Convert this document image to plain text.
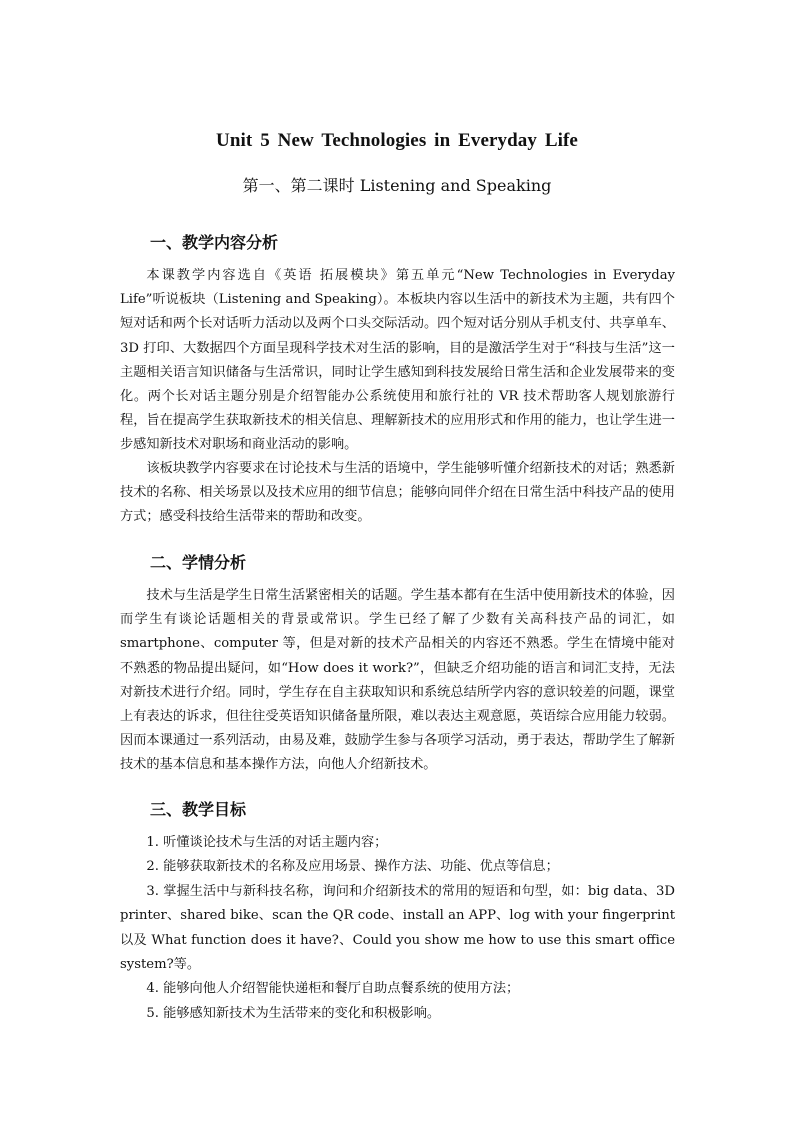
Unit 5 New Technologies in Everyday Life
第一、第二课时 Listening and Speaking
一、教学内容分析

本课教学内容选自《英语 拓展模块》第五单元“New Technologies in Everyday Life”听说板块（Listening and Speaking）。本板块内容以生活中的新技术为主题，共有四个短对话和两个长对话听力活动以及两个口头交际活动。四个短对话分别从手机支付、共享单车、3D 打印、大数据四个方面呈现科学技术对生活的影响，目的是激活学生对于“科技与生活”这一主题相关语言知识储备与生活常识，同时让学生感知到科技发展给日常生活和企业发展带来的变化。两个长对话主题分别是介绍智能办公系统使用和旅行社的 VR 技术帮助客人规划旅游行程，旨在提高学生获取新技术的相关信息、理解新技术的应用形式和作用的能力，也让学生进一步感知新技术对职场和商业活动的影响。

该板块教学内容要求在讨论技术与生活的语境中，学生能够听懂介绍新技术的对话；熟悉新技术的名称、相关场景以及技术应用的细节信息；能够向同伴介绍在日常生活中科技产品的使用方式；感受科技给生活带来的帮助和改变。

二、学情分析

技术与生活是学生日常生活紧密相关的话题。学生基本都有在生活中使用新技术的体验，因而学生有谈论话题相关的背景或常识。学生已经了解了少数有关高科技产品的词汇，如smartphone、computer 等，但是对新的技术产品相关的内容还不熟悉。学生在情境中能对不熟悉的物品提出疑问，如“How does it work?”，但缺乏介绍功能的语言和词汇支持，无法对新技术进行介绍。同时，学生存在自主获取知识和系统总结所学内容的意识较差的问题，课堂上有表达的诉求，但往往受英语知识储备量所限，难以表达主观意愿，英语综合应用能力较弱。因而本课通过一系列活动，由易及难，鼓励学生参与各项学习活动，勇于表达，帮助学生了解新技术的基本信息和基本操作方法，向他人介绍新技术。

三、教学目标
1. 听懂谈论技术与生活的对话主题内容；
2. 能够获取新技术的名称及应用场景、操作方法、功能、优点等信息；
3. 掌握生活中与新科技名称，询问和介绍新技术的常用的短语和句型，如：big data、3D printer、shared bike、scan the QR code、install an APP、log with your fingerprint 以及 What function does it have?、Could you show me how to use this smart office system?等。
4. 能够向他人介绍智能快递柜和餐厅自助点餐系统的使用方法；
5. 能够感知新技术为生活带来的变化和积极影响。
